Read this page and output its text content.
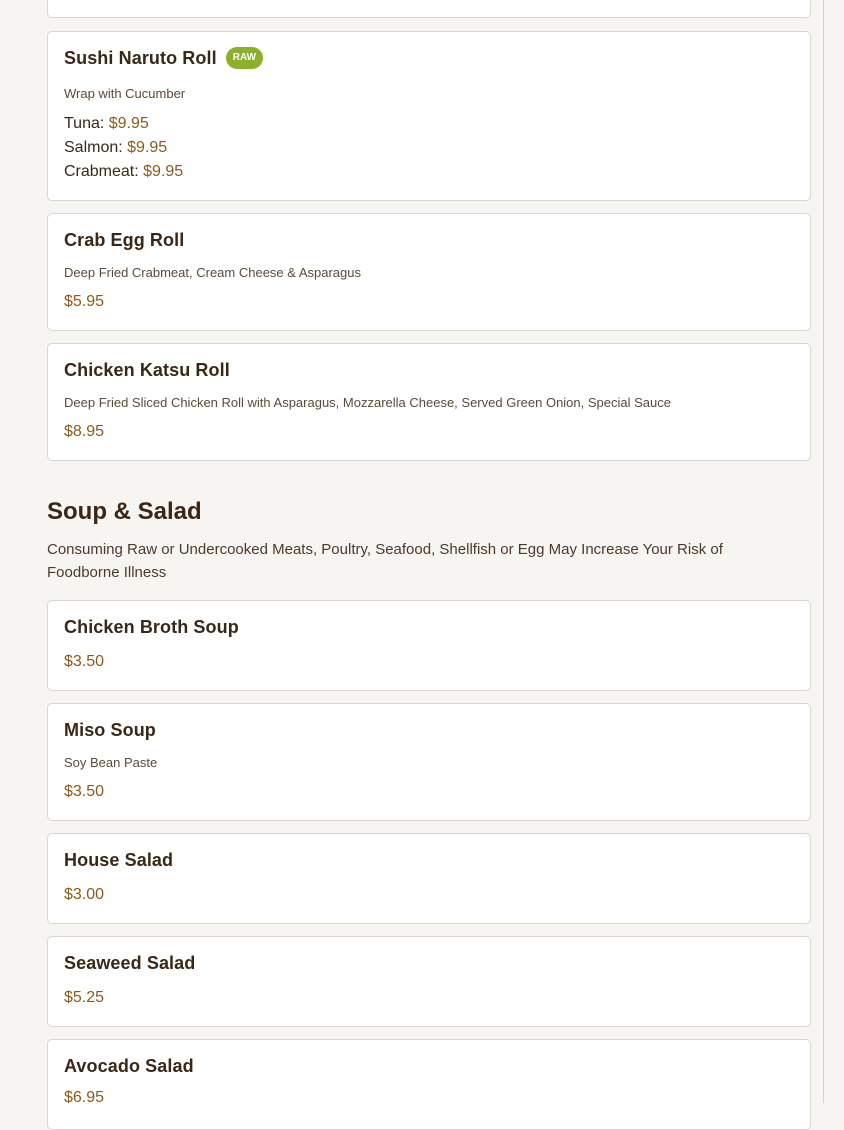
Sushi Naruto Roll	RAW
Wrap with Cucumber
Tuna: $9.95
Salmon: $9.95
Crabmeat: $9.95
Crab Egg Roll
Deep Fried Crabmeat, Cream Cheese & Asparagus
$5.95
Chicken Katsu Roll
Deep Fried Sliced Chicken Roll with Asparagus, Mozzarella Cheese, Served Green Onion, Special Sauce
$8.95
Soup & Salad
Consuming Raw or Undercooked Meats, Poultry, Seafood, Shellfish or Egg May Increase Your Risk of Foodborne Illness
Chicken Broth Soup
$3.50
Miso Soup
Soy Bean Paste
$3.50
House Salad
$3.00
Seaweed Salad
$5.25
Avocado Salad
$6.95
